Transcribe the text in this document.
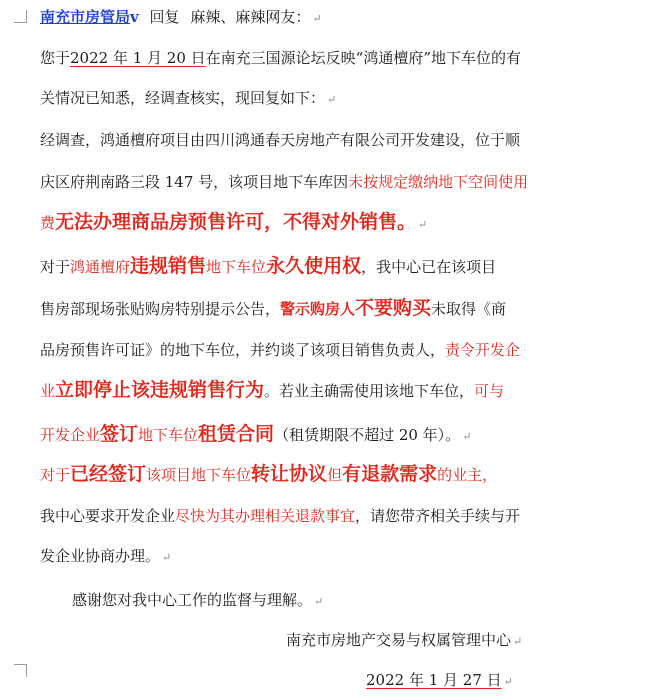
南充市房管局v 回复 麻辣、麻辣网友： ↵
您于2022 年 1 月 20 日在南充三国源论坛反映“鸿通檀府”地下车位的有
关情况已知悉，经调查核实，现回复如下： ↵
经调查，鸿通檀府项目由四川鸿通春天房地产有限公司开发建设，位于顺
庆区府荆南路三段 147 号，该项目地下车库因未按规定缴纳地下空间使用
费无法办理商品房预售许可，不得对外销售。 ↵
对于鸿通檀府违规销售地下车位永久使用权，我中心已在该项目
售房部现场张贴购房特别提示公告，警示购房人不要购买未取得《商
品房预售许可证》的地下车位，并约谈了该项目销售负责人，责令开发企
业立即停止该违规销售行为。若业主确需使用该地下车位，可与
开发企业签订地下车位租赁合同（租赁期限不超过 20 年）。 ↵
对于已经签订该项目地下车位转让协议但有退款需求的业主，
我中心要求开发企业尽快为其办理相关退款事宜，请您带齐相关手续与开
发企业协商办理。 ↵
感谢您对我中心工作的监督与理解。 ↵
南充市房地产交易与权属管理中心 ↵
2022 年 1 月 27 日 ↵
